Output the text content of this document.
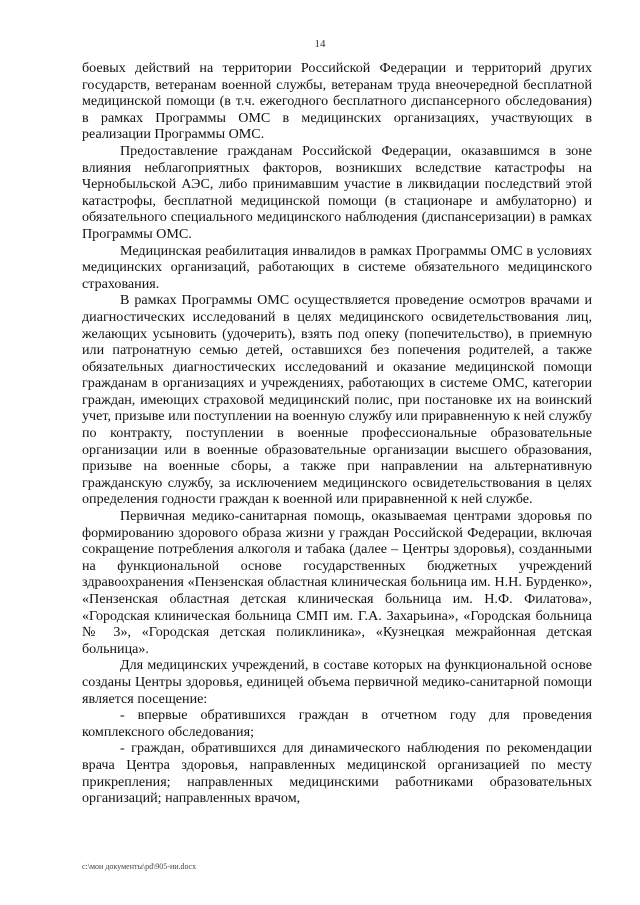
14

боевых действий на территории Российской Федерации и территорий других государств, ветеранам военной службы, ветеранам труда внеочередной бесплатной медицинской помощи (в т.ч. ежегодного бесплатного диспансерного обследования) в рамках Программы ОМС в медицинских организациях, участвующих в реализации Программы ОМС.

Предоставление гражданам Российской Федерации, оказавшимся в зоне влияния неблагоприятных факторов, возникших вследствие катастрофы на Чернобыльской АЭС, либо принимавшим участие в ликвидации последствий этой катастрофы, бесплатной медицинской помощи (в стационаре и амбулаторно) и обязательного специального медицинского наблюдения (диспансеризации) в рамках Программы ОМС.

Медицинская реабилитация инвалидов в рамках Программы ОМС в условиях медицинских организаций, работающих в системе обязательного медицинского страхования.

В рамках Программы ОМС осуществляется проведение осмотров врачами и диагностических исследований в целях медицинского освидетельствования лиц, желающих усыновить (удочерить), взять под опеку (попечительство), в приемную или патронатную семью детей, оставшихся без попечения родителей, а также обязательных диагностических исследований и оказание медицинской помощи гражданам в организациях и учреждениях, работающих в системе ОМС, категории граждан, имеющих страховой медицинский полис, при постановке их на воинский учет, призыве или поступлении на военную службу или приравненную к ней службу по контракту, поступлении в военные профессиональные образовательные организации или в военные образовательные организации высшего образования, призыве на военные сборы, а также при направлении на альтернативную гражданскую службу, за исключением медицинского освидетельствования в целях определения годности граждан к военной или приравненной к ней службе.

Первичная медико-санитарная помощь, оказываемая центрами здоровья по формированию здорового образа жизни у граждан Российской Федерации, включая сокращение потребления алкоголя и табака (далее – Центры здоровья), созданными на функциональной основе государственных бюджетных учреждений здравоохранения «Пензенская областная клиническая больница им. Н.Н. Бурденко», «Пензенская областная детская клиническая больница им. Н.Ф. Филатова», «Городская клиническая больница СМП им. Г.А. Захарьина», «Городская больница № 3», «Городская детская поликлиника», «Кузнецкая межрайонная детская больница».

Для медицинских учреждений, в составе которых на функциональной основе созданы Центры здоровья, единицей объема первичной медико-санитарной помощи является посещение:

- впервые обратившихся граждан в отчетном году для проведения комплексного обследования;

- граждан, обратившихся для динамического наблюдения по рекомендации врача Центра здоровья, направленных медицинской организацией по месту прикрепления; направленных медицинскими работниками образовательных организаций; направленных врачом,

c:\мои документы\pd\905-ии.docx
